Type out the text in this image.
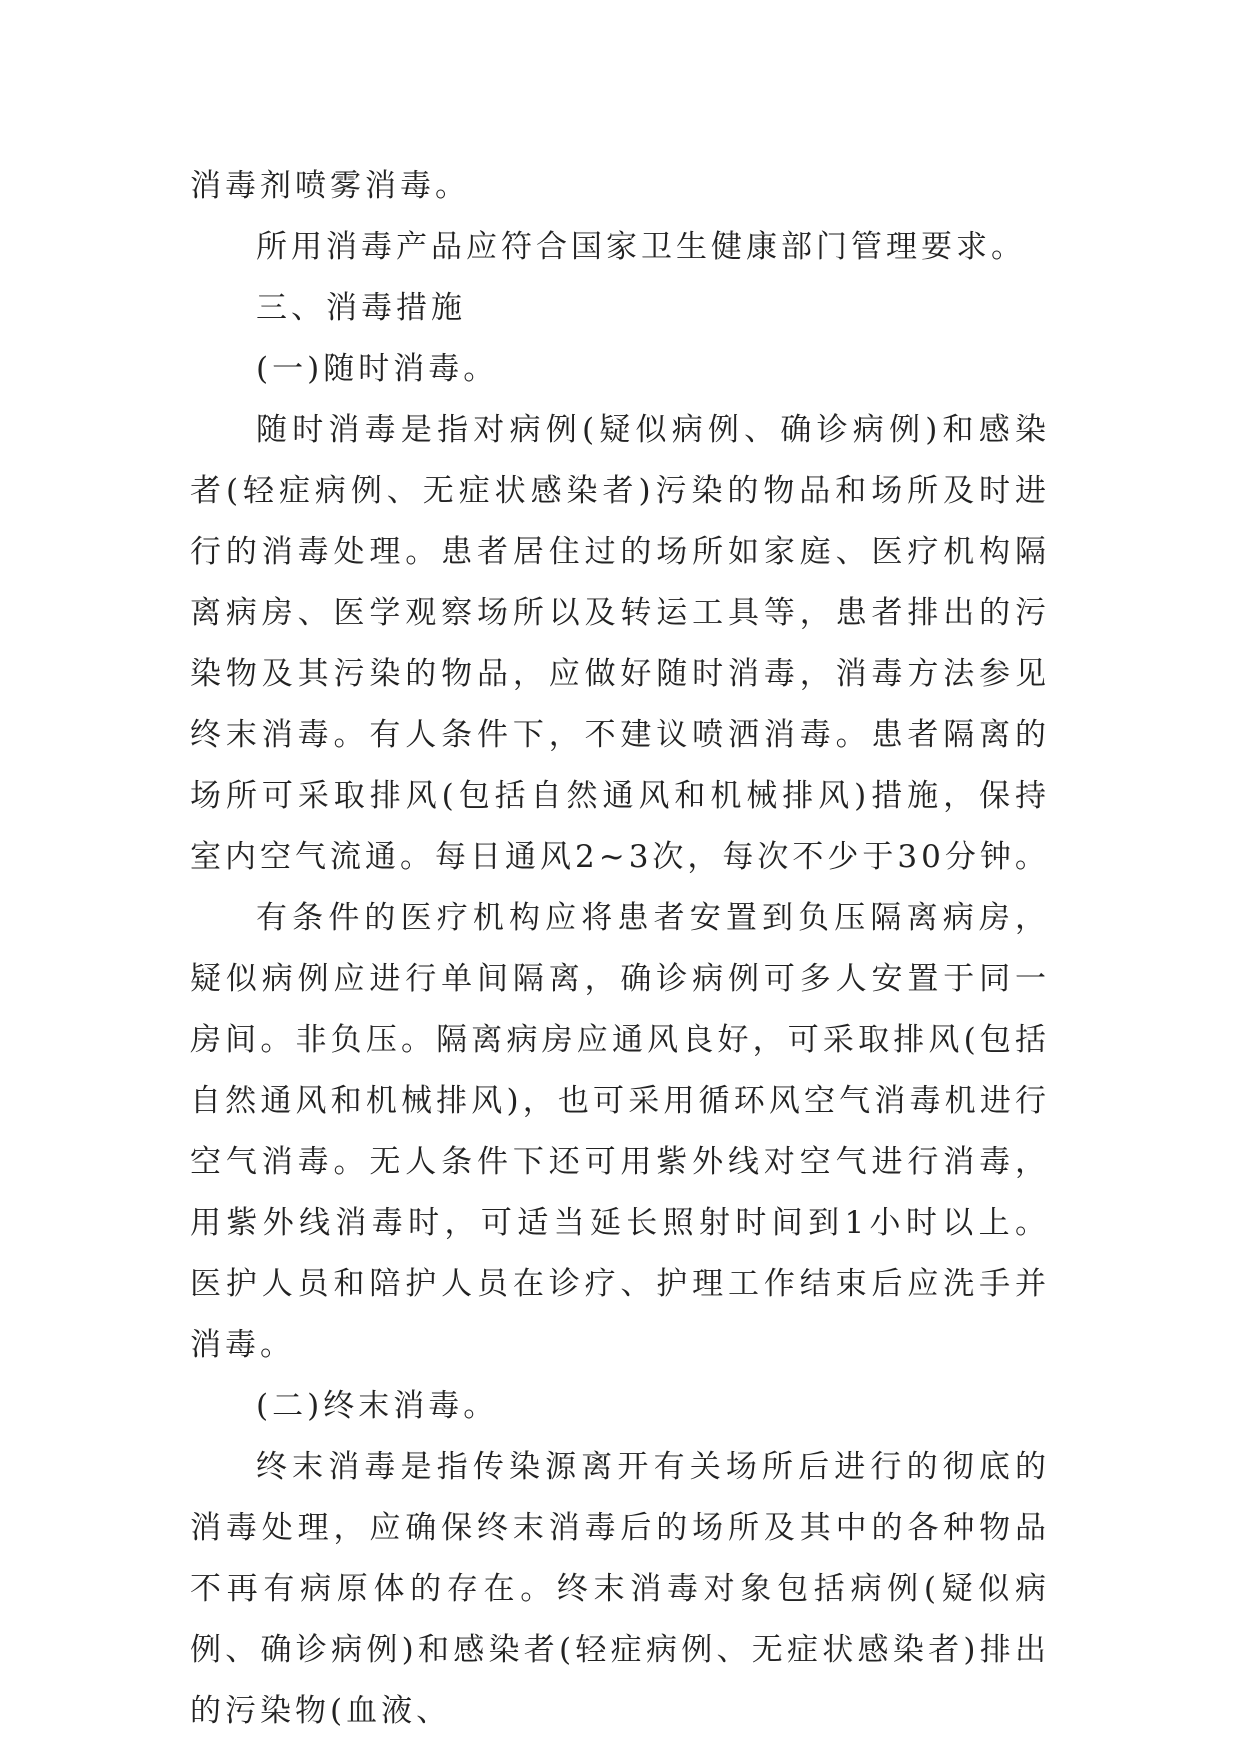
消毒剂喷雾消毒。

所用消毒产品应符合国家卫生健康部门管理要求。

三、消毒措施

(一)随时消毒。

随时消毒是指对病例(疑似病例、确诊病例)和感染者(轻症病例、无症状感染者)污染的物品和场所及时进行的消毒处理。患者居住过的场所如家庭、医疗机构隔离病房、医学观察场所以及转运工具等，患者排出的污染物及其污染的物品，应做好随时消毒，消毒方法参见终末消毒。有人条件下，不建议喷洒消毒。患者隔离的场所可采取排风(包括自然通风和机械排风)措施，保持室内空气流通。每日通风2~3次，每次不少于30分钟。

有条件的医疗机构应将患者安置到负压隔离病房，疑似病例应进行单间隔离，确诊病例可多人安置于同一房间。非负压。隔离病房应通风良好，可采取排风(包括自然通风和机械排风)，也可采用循环风空气消毒机进行空气消毒。无人条件下还可用紫外线对空气进行消毒，用紫外线消毒时，可适当延长照射时间到1小时以上。医护人员和陪护人员在诊疗、护理工作结束后应洗手并消毒。

(二)终末消毒。

终末消毒是指传染源离开有关场所后进行的彻底的消毒处理，应确保终末消毒后的场所及其中的各种物品不再有病原体的存在。终末消毒对象包括病例(疑似病例、确诊病例)和感染者(轻症病例、无症状感染者)排出的污染物(血液、
